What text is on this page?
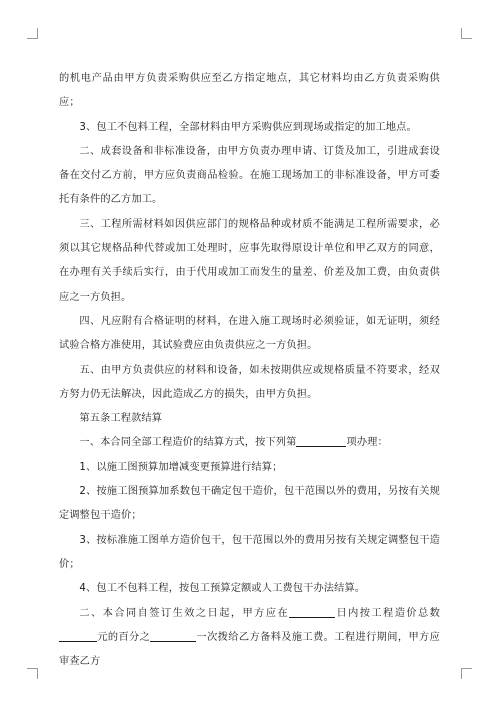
的机电产品由甲方负责采购供应至乙方指定地点，其它材料均由乙方负责采购供应；

3、包工不包料工程，全部材料由甲方采购供应到现场或指定的加工地点。

二、成套设备和非标准设备，由甲方负责办理申请、订货及加工，引进成套设备在交付乙方前，甲方应负责商品检验。在施工现场加工的非标准设备，甲方可委托有条件的乙方加工。

三、工程所需材料如因供应部门的规格品种或材质不能满足工程所需要求，必须以其它规格品种代替或加工处理时，应事先取得原设计单位和甲乙双方的同意，在办理有关手续后实行，由于代用或加工而发生的量差、价差及加工费，由负责供应之一方负担。

四、凡应附有合格证明的材料，在进入施工现场时必须验证，如无证明，须经试验合格方准使用，其试验费应由负责供应之一方负担。

五、由甲方负责供应的材料和设备，如未按期供应或规格质量不符要求，经双方努力仍无法解决，因此造成乙方的损失，由甲方负担。

第五条工程款结算

一、本合同全部工程造价的结算方式，按下列第	项办理：

1、以施工图预算加增减变更预算进行结算；

2、按施工图预算加系数包干确定包干造价，包干范围以外的费用，另按有关规定调整包干造价；

3、按标准施工图单方造价包干，包干范围以外的费用另按有关规定调整包干造价；

4、包工不包料工程，按包工预算定额或人工费包干办法结算。

二、本合同自签订生效之日起，甲方应在	日内按工程造价总数元的百分之	一次拨给乙方备料及施工费。工程进行期间，甲方应审查乙方
